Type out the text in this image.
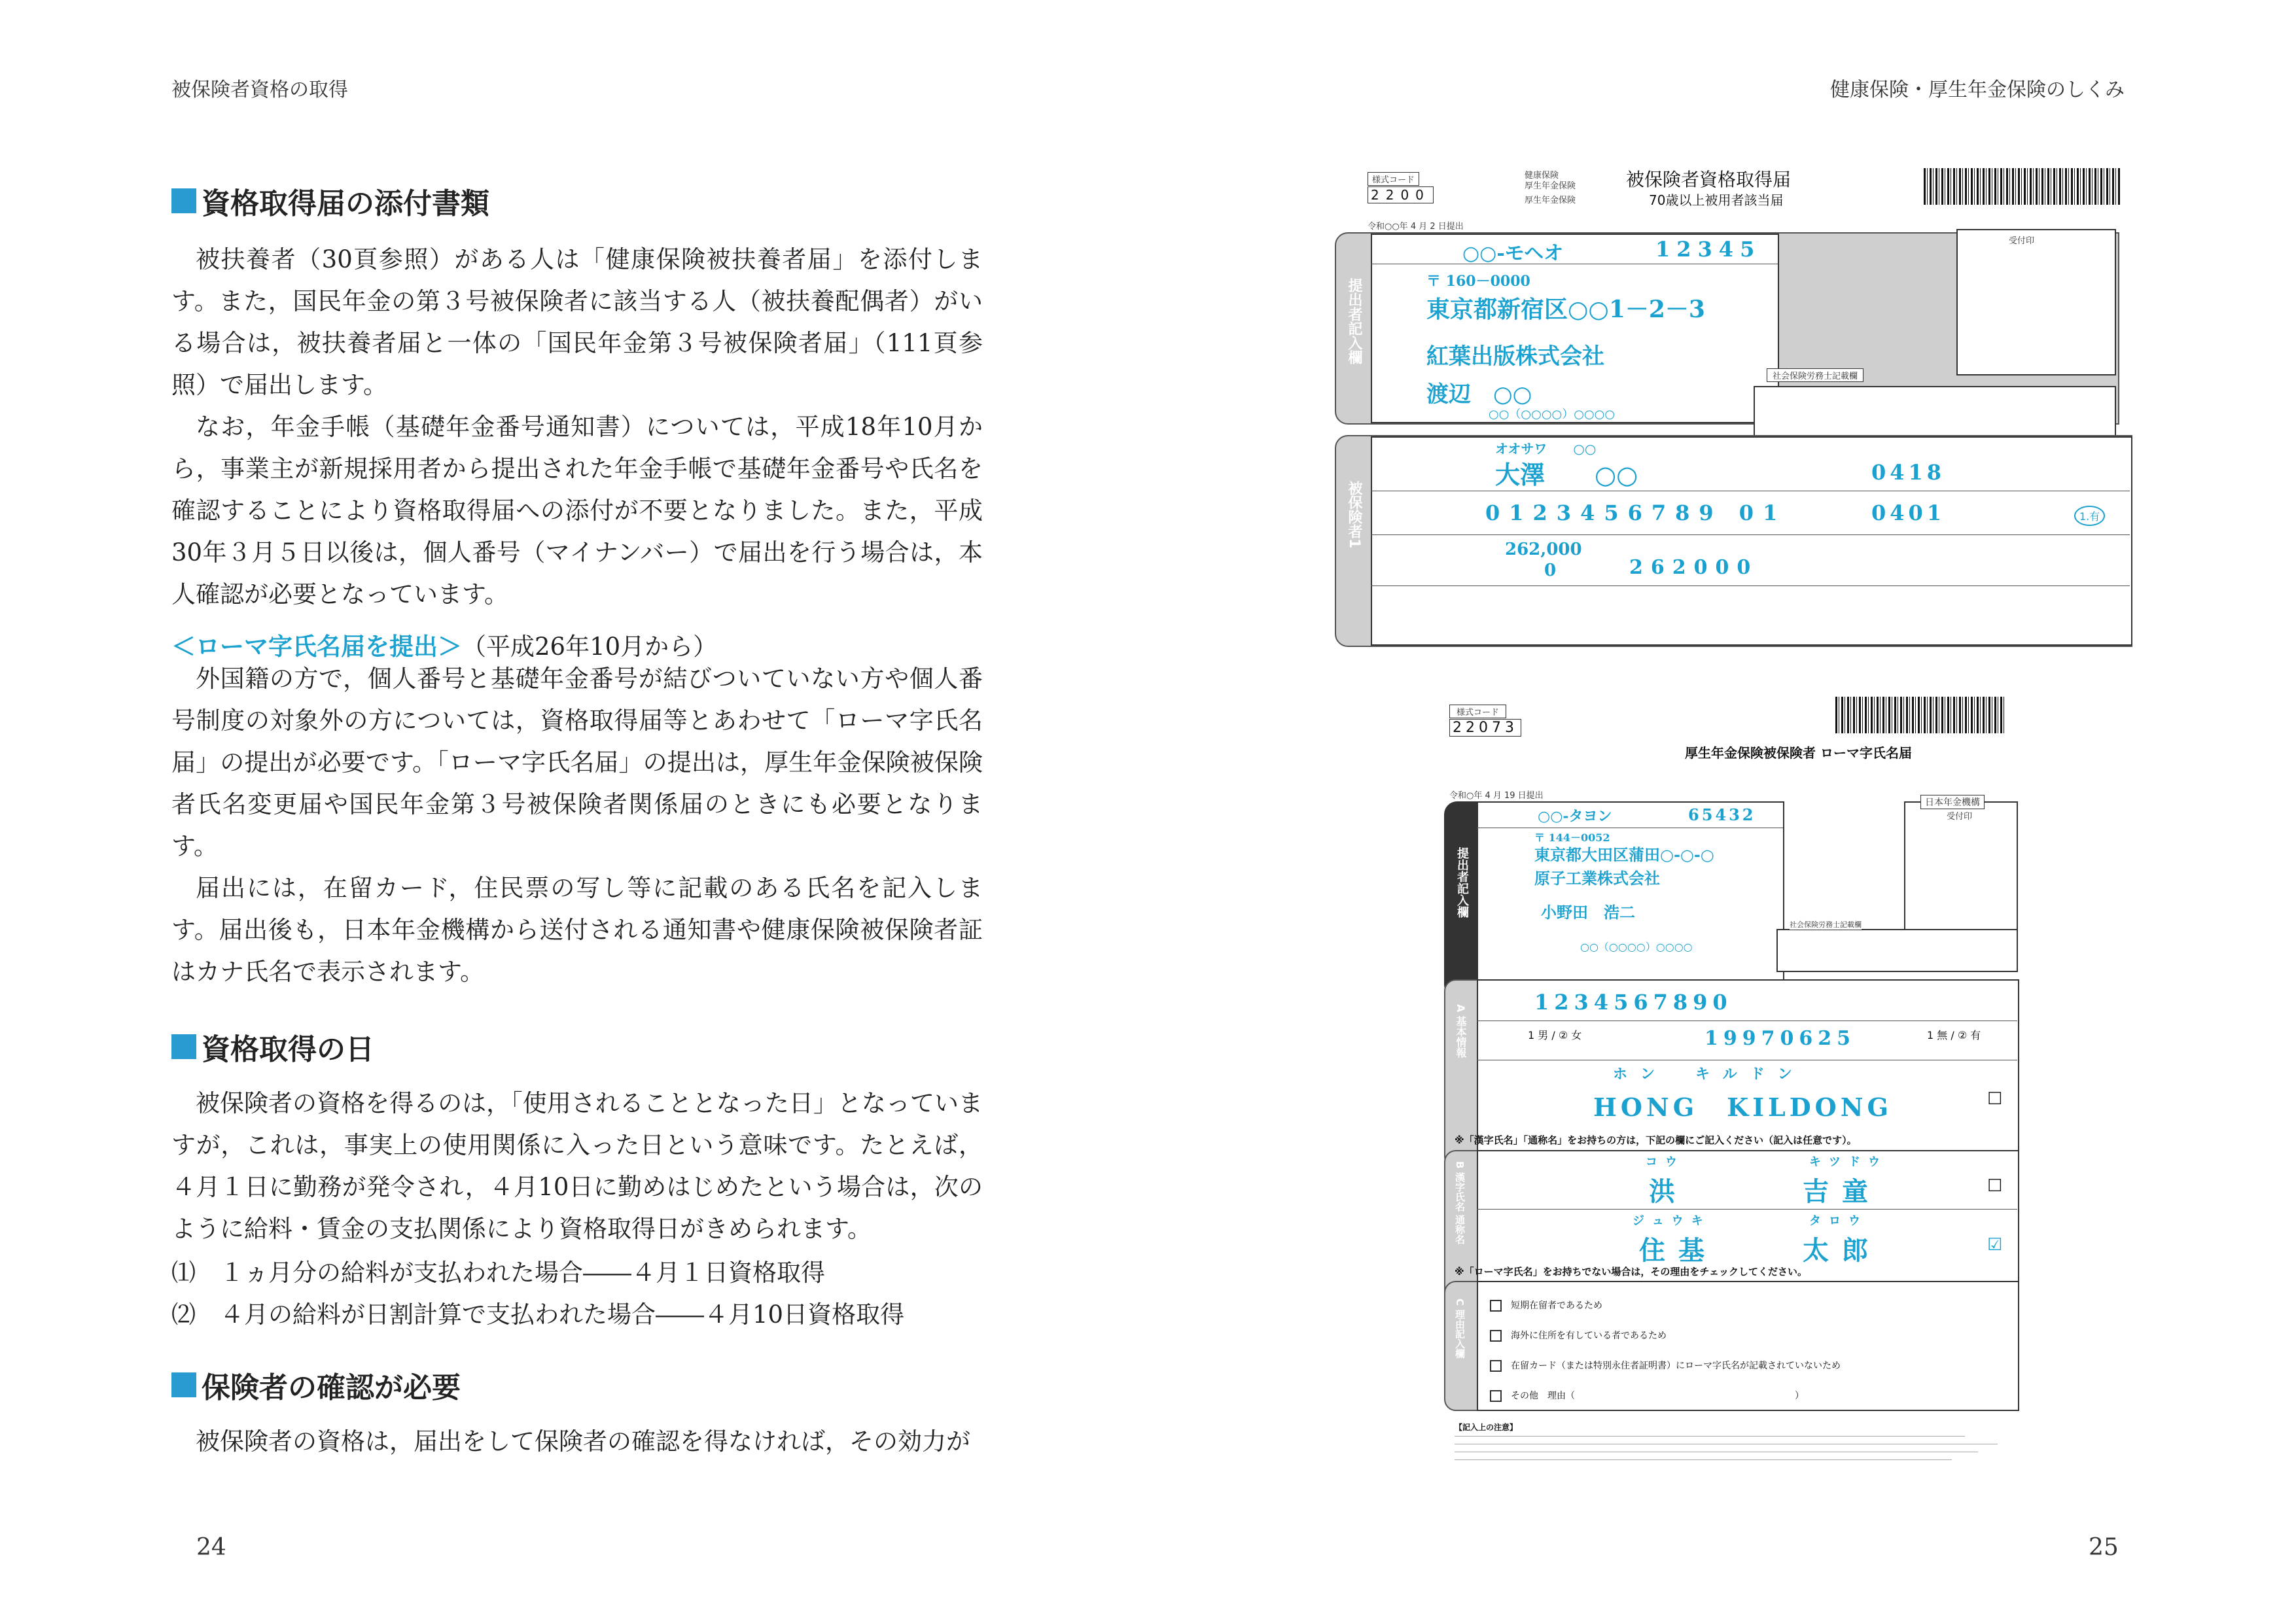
被保険者資格の取得	健康保険・厚生年金保険のしくみ
資格取得届の添付書類

被扶養者（30頁参照）がある人は「健康保険被扶養者届」を添付します。また，国民年金の第３号被保険者に該当する人（被扶養配偶者）がいる場合は，被扶養者届と一体の「国民年金第３号被保険者届」（111頁参照）で届出します。

なお，年金手帳（基礎年金番号通知書）については，平成18年10月から，事業主が新規採用者から提出された年金手帳で基礎年金番号や氏名を確認することにより資格取得届への添付が不要となりました。また，平成30年３月５日以後は，個人番号（マイナンバー）で届出を行う場合は，本人確認が必要となっています。

＜ローマ字氏名届を提出＞（平成26年10月から）

外国籍の方で，個人番号と基礎年金番号が結びついていない方や個人番号制度の対象外の方については，資格取得届等とあわせて「ローマ字氏名届」の提出が必要です。「ローマ字氏名届」の提出は，厚生年金保険被保険者氏名変更届や国民年金第３号被保険者関係届のときにも必要となります。

届出には，在留カード，住民票の写し等に記載のある氏名を記入します。届出後も，日本年金機構から送付される通知書や健康保険被保険者証はカナ氏名で表示されます。

資格取得の日

被保険者の資格を得るのは，「使用されることとなった日」となっていますが，これは，事実上の使用関係に入った日という意味です。たとえば，４月１日に勤務が発令され，４月10日に勤めはじめたという場合は，次のように給料・賃金の支払関係により資格取得日がきめられます。

⑴　１ヵ月分の給料が支払われた場合――４月１日資格取得
⑵　４月の給料が日割計算で支払われた場合――４月10日資格取得
保険者の確認が必要

被保険者の資格は，届出をして保険者の確認を得なければ，その効力が

24	25
様式コード
2200
健康保険
厚生年金保険
厚生年金保険
被保険者資格取得届
70歳以上被用者該当届
令和○○年 4 月 2 日提出
提出者記入欄
○○-モヘオ	12345
〒 160－0000
東京都新宿区○○1－2－3
紅葉出版株式会社
渡辺　○○
○○（○○○○）○○○○
受付印
社会保険労務士記載欄
被保険者1
オオサワ　　○○
大澤　　○○	0418
0123456789 01	0401	1.有
262,000
0	262000
様式コード
22073
厚生年金保険被保険者 ローマ字氏名届
令和○年 4 月 19 日提出
提出者記入欄
○○-タヨン	65432
〒 144－0052
東京都大田区蒲田○-○-○
原子工業株式会社
小野田　浩二
○○（○○○○）○○○○
日本年金機構
受付印
社会保険労務士記載欄
A 基本情報
1234567890
1 男 / ② 女	19970625	1 無 / ② 有
ホン　キルドン
HONG　KILDONG	☐
※「漢字氏名」「通称名」をお持ちの方は，下記の欄にご記入ください（記入は任意です）。
B 漢字氏名 通称名	コウ	キツドウ
洪	吉童	☐
ジュウキ	タロウ
住基	太郎	☑
※「ローマ字氏名」をお持ちでない場合は，その理由をチェックしてください。
C 理由記入欄	短期在留者であるため
海外に住所を有している者であるため
在留カード（または特別永住者証明書）にローマ字氏名が記載されていないため
その他　理由（　　　　　　　　　　　　　　　　　　　　　　　　）
【記入上の注意】
